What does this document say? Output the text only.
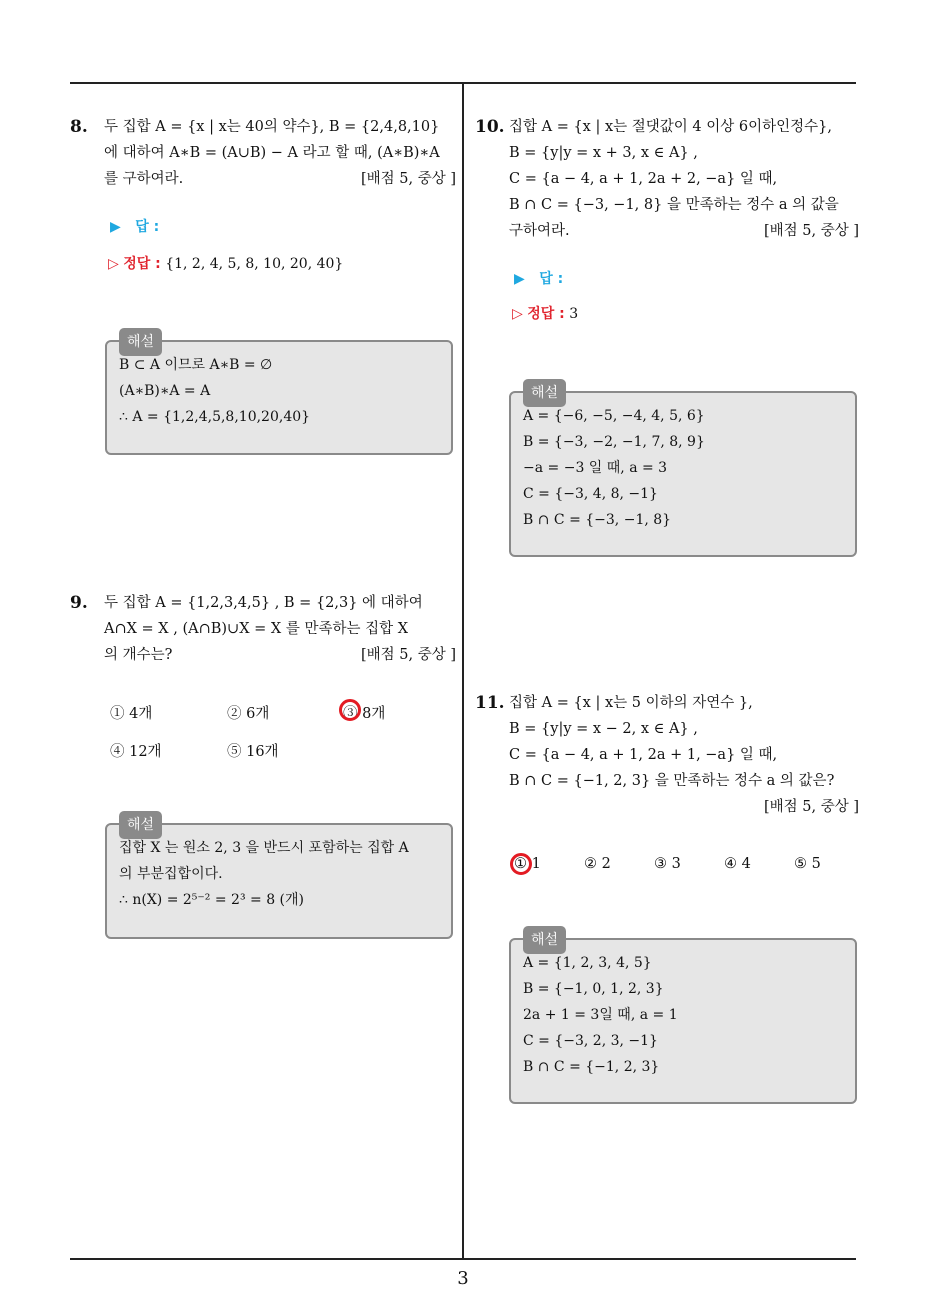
8. 두 집합 A = {x | x는 40의 약수}, B = {2,4,8,10}
에 대하여 A∗B = (A∪B) − A 라고 할 때, (A∗B)∗A
를 구하여라.	[배점 5, 중상 ]
▶ 답 :
▷ 정답 : {1, 2, 4, 5, 8, 10, 20, 40}
해설
B ⊂ A 이므로 A∗B = ∅
(A∗B)∗A = A
∴ A = {1,2,4,5,8,10,20,40}
9. 두 집합 A = {1,2,3,4,5} , B = {2,3} 에 대하여
A∩X = X , (A∩B)∪X = X 를 만족하는 집합 X
의 개수는?	[배점 5, 중상 ]
① 4개	② 6개	③ 8개
④ 12개	⑤ 16개
해설
집합 X 는 원소 2, 3 을 반드시 포함하는 집합 A
의 부분집합이다.
∴ n(X) = 2⁵⁻² = 2³ = 8 (개)
10. 집합 A = {x | x는 절댓값이 4 이상 6이하인정수},
B = {y|y = x + 3, x ∈ A} ,
C = {a − 4, a + 1, 2a + 2, −a} 일 때,
B ∩ C = {−3, −1, 8} 을 만족하는 정수 a 의 값을
구하여라.	[배점 5, 중상 ]
▶ 답 :
▷ 정답 : 3
해설
A = {−6, −5, −4, 4, 5, 6}
B = {−3, −2, −1, 7, 8, 9}
−a = −3 일 때, a = 3
C = {−3, 4, 8, −1}
B ∩ C = {−3, −1, 8}
11. 집합 A = {x | x는 5 이하의 자연수 },
B = {y|y = x − 2, x ∈ A} ,
C = {a − 4, a + 1, 2a + 1, −a} 일 때,
B ∩ C = {−1, 2, 3} 을 만족하는 정수 a 의 값은?
[배점 5, 중상 ]
① 1	② 2	③ 3	④ 4	⑤ 5
해설
A = {1, 2, 3, 4, 5}
B = {−1, 0, 1, 2, 3}
2a + 1 = 3일 때, a = 1
C = {−3, 2, 3, −1}
B ∩ C = {−1, 2, 3}
3
